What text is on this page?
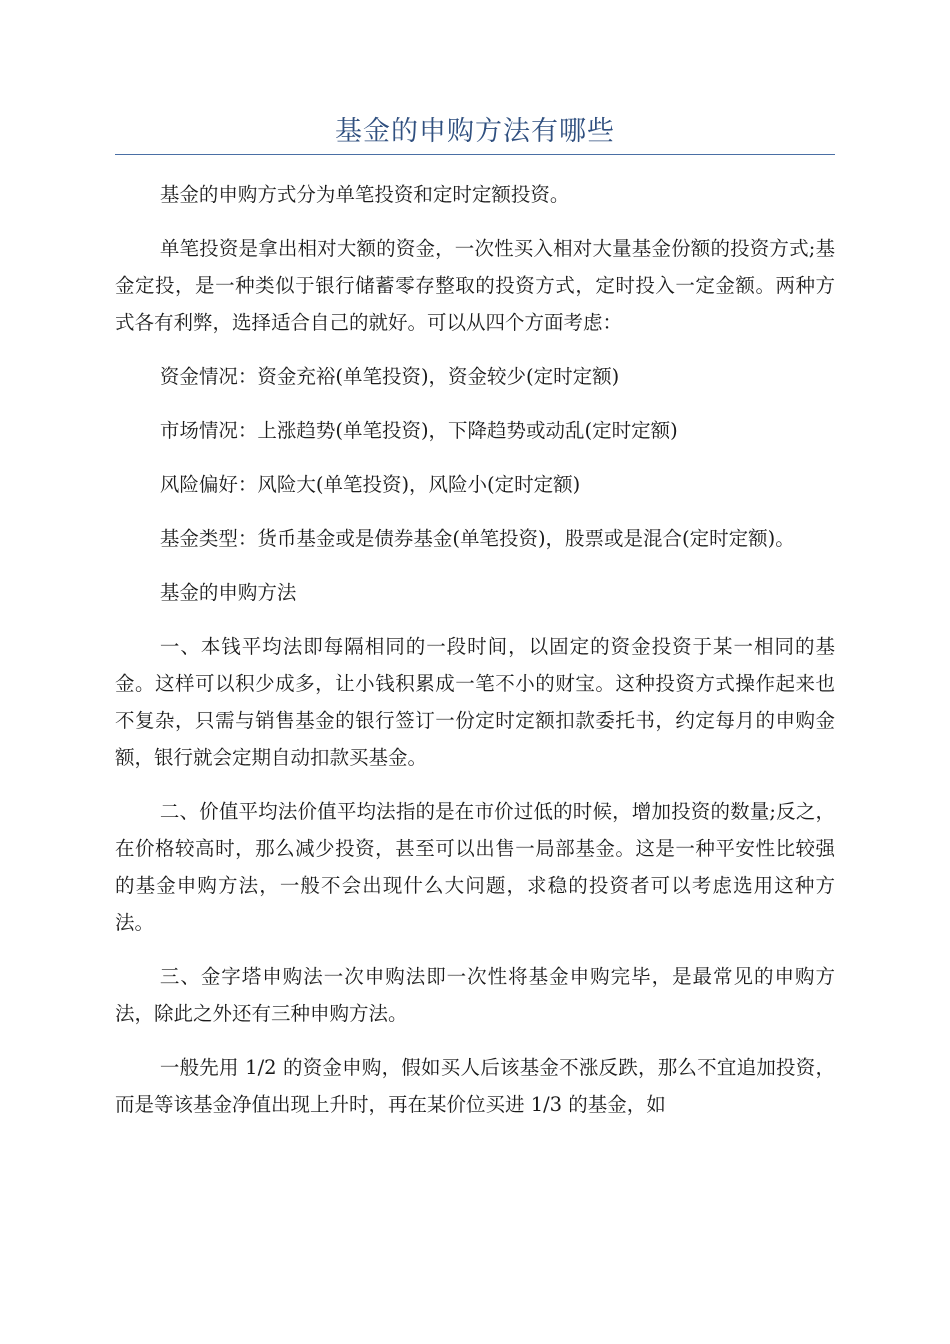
基金的申购方法有哪些

基金的申购方式分为单笔投资和定时定额投资。

单笔投资是拿出相对大额的资金，一次性买入相对大量基金份额的投资方式;基金定投，是一种类似于银行储蓄零存整取的投资方式，定时投入一定金额。两种方式各有利弊，选择适合自己的就好。可以从四个方面考虑：

资金情况：资金充裕(单笔投资)，资金较少(定时定额)

市场情况：上涨趋势(单笔投资)，下降趋势或动乱(定时定额)

风险偏好：风险大(单笔投资)，风险小(定时定额)

基金类型：货币基金或是债券基金(单笔投资)，股票或是混合(定时定额)。

基金的申购方法

一、本钱平均法即每隔相同的一段时间，以固定的资金投资于某一相同的基金。这样可以积少成多，让小钱积累成一笔不小的财宝。这种投资方式操作起来也不复杂，只需与销售基金的银行签订一份定时定额扣款委托书，约定每月的申购金额，银行就会定期自动扣款买基金。

二、价值平均法价值平均法指的是在市价过低的时候，增加投资的数量;反之，在价格较高时，那么减少投资，甚至可以出售一局部基金。这是一种平安性比较强的基金申购方法，一般不会出现什么大问题，求稳的投资者可以考虑选用这种方法。

三、金字塔申购法一次申购法即一次性将基金申购完毕，是最常见的申购方法，除此之外还有三种申购方法。

一般先用 1/2 的资金申购，假如买人后该基金不涨反跌，那么不宜追加投资，而是等该基金净值出现上升时，再在某价位买进 1/3 的基金，如
